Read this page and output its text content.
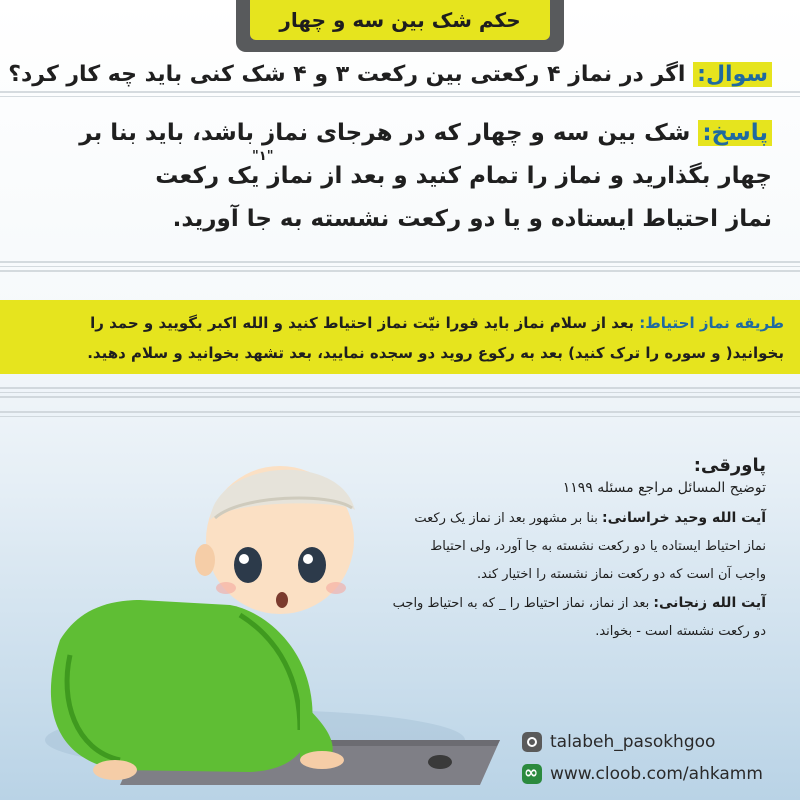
حکم شک بین سه و چهار
سوال: اگر در نماز ۴ رکعتی بین رکعت ۳ و ۴ شک کنی باید چه کار کرد؟
پاسخ: شک بین سه و چهار که در هرجای نماز باشد، باید بنا بر
چهار بگذارید و نماز را تمام کنید و بعد از نماز یک رکعت
"۱"
نماز احتیاط ایستاده و یا دو رکعت نشسته به جا آورید.
طریقه نماز احتیاط: بعد از سلام نماز باید فورا نیّت نماز احتیاط کنید و الله اکبر بگویید و حمد را
بخوانید( و سوره را ترک کنید) بعد به رکوع روید دو سجده نمایید، بعد تشهد بخوانید و سلام دهید.
پاورقی:
توضیح المسائل مراجع مسئله ۱۱۹۹
آیت الله وحید خراسانی: بنا بر مشهور بعد از نماز یک رکعت
نماز احتیاط ایستاده یا دو رکعت نشسته به جا آورد، ولی احتیاط
واجب آن است که دو رکعت نماز نشسته را اختیار کند.
آیت الله زنجانی: بعد از نماز، نماز احتیاط را _ که به احتیاط واجب
دو رکعت نشسته است - بخواند.
talabeh_pasokhgoo
∞
www.cloob.com/ahkamm
